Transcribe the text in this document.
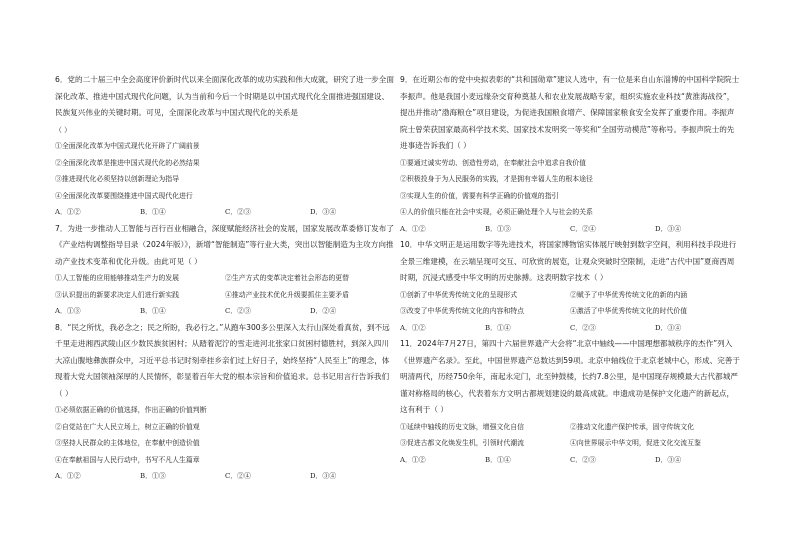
6．党的二十届三中全会高度评价新时代以来全面深化改革的成功实践和伟大成就，研究了进一步全面深化改革、推进中国式现代化问题，认为当前和今后一个时期是以中国式现代化全面推进强国建设、民族复兴伟业的关键时期。可见，全面深化改革与中国式现代化的关系是

（ ）
①全面深化改革为中国式现代化开辟了广阔前景
②全面深化改革是推进中国式现代化的必然结果
③推进现代化必须坚持以创新理论为指导
④全面深化改革要围绕推进中国式现代化进行
A．①②	B．①④	C．②③	D．③④

7．为进一步推动人工智能与百行百业相融合，深度赋能经济社会的发展，国家发展改革委修订发布了《产业结构调整指导目录（2024年版）》，新增“智能制造”等行业大类，突出以智能制造为主攻方向推动产业技术变革和优化升级。由此可见（ ）

①人工智能的应用能够推动生产力的发展	②生产方式的变革决定着社会形态的更替
③认识提出的新要求决定人们进行新实践	④推动产业技术优化升级要抓住主要矛盾
A．①③	B．①④	C．②③	D．②④

8．“民之所忧，我必念之；民之所盼，我必行之。”从跑车300多公里深入太行山深处看真贫，到不远千里走进湘西武陵山区少数民族贫困村；从踏着泥泞的雪走进河北张家口贫困村德胜村，到深入四川大凉山腹地彝族群众中，习近平总书记时刻牵挂乡亲们过上好日子，始终坚持“人民至上”的理念，体现着大党大国领袖深厚的人民情怀，彰显着百年大党的根本宗旨和价值追求。总书记用言行告诉我们（ ）

①必须依据正确的价值选择，作出正确的价值判断
②自觉站在广大人民立场上，树立正确的价值观
③坚持人民群众的主体地位，在奉献中创造价值
④在奉献祖国与人民行动中，书写不凡人生篇章
A．①②	B．①③	C．②④	D．③④

9．在近期公布的党中央拟表彰的“共和国勋章”建议人选中，有一位是来自山东淄博的中国科学院院士李振声。他是我国小麦远缘杂交育种奠基人和农业发展战略专家，组织实施农业科技“黄淮海战役”，提出并推动“渤海粮仓”项目建设，为促进我国粮食增产、保障国家粮食安全发挥了重要作用。李振声院士曾荣获国家最高科学技术奖、国家技术发明奖一等奖和“全国劳动模范”等称号。李振声院士的先进事迹告诉我们（ ）

①要通过诚实劳动、创造性劳动，在奉献社会中追求自我价值
②积极投身于为人民服务的实践，才是拥有幸福人生的根本途径
③实现人生的价值，需要有科学正确的价值观的指引
④人的价值只能在社会中实现，必须正确处理个人与社会的关系
A．①②	B．①③	C．②④	D．③④

10．中华文明正是运用数字等先进技术，将国家博物馆实体展厅映射到数字空间，利用科技手段进行全景三维建模，在云端呈现可交互、可欣赏的展览，让观众突破时空限制，走进“古代中国”夏商西周时期，沉浸式感受中华文明的历史脉搏。这表明数字技术（ ）

①创新了中华优秀传统文化的呈现形式	②赋予了中华优秀传统文化的新的内涵
③改变了中华优秀传统文化的内容和特点	④激活了中华优秀传统文化的时代价值
A．①②	B．①④	C．②③	D．③④

11．2024年7月27日，第四十六届世界遗产大会将“北京中轴线——中国理想都城秩序的杰作”列入《世界遗产名录》。至此，中国世界遗产总数达到59项。北京中轴线位于北京老城中心，形成、完善于明清两代，历经750余年，南起永定门，北至钟鼓楼，长约7.8公里，是中国现存规模最大古代都城严谨对称格局的核心，代表着东方文明古都规划建设的最高成就。申遗成功是保护文化遗产的新起点，这有利于（ ）

①延续中轴线的历史文脉，增强文化自信	②推动文化遗产保护传承，固守传统文化
③促进古都文化焕发生机，引领时代潮流	④向世界展示中华文明，促进文化交流互鉴
A．①②	B．①④	C．②③	D．③④
